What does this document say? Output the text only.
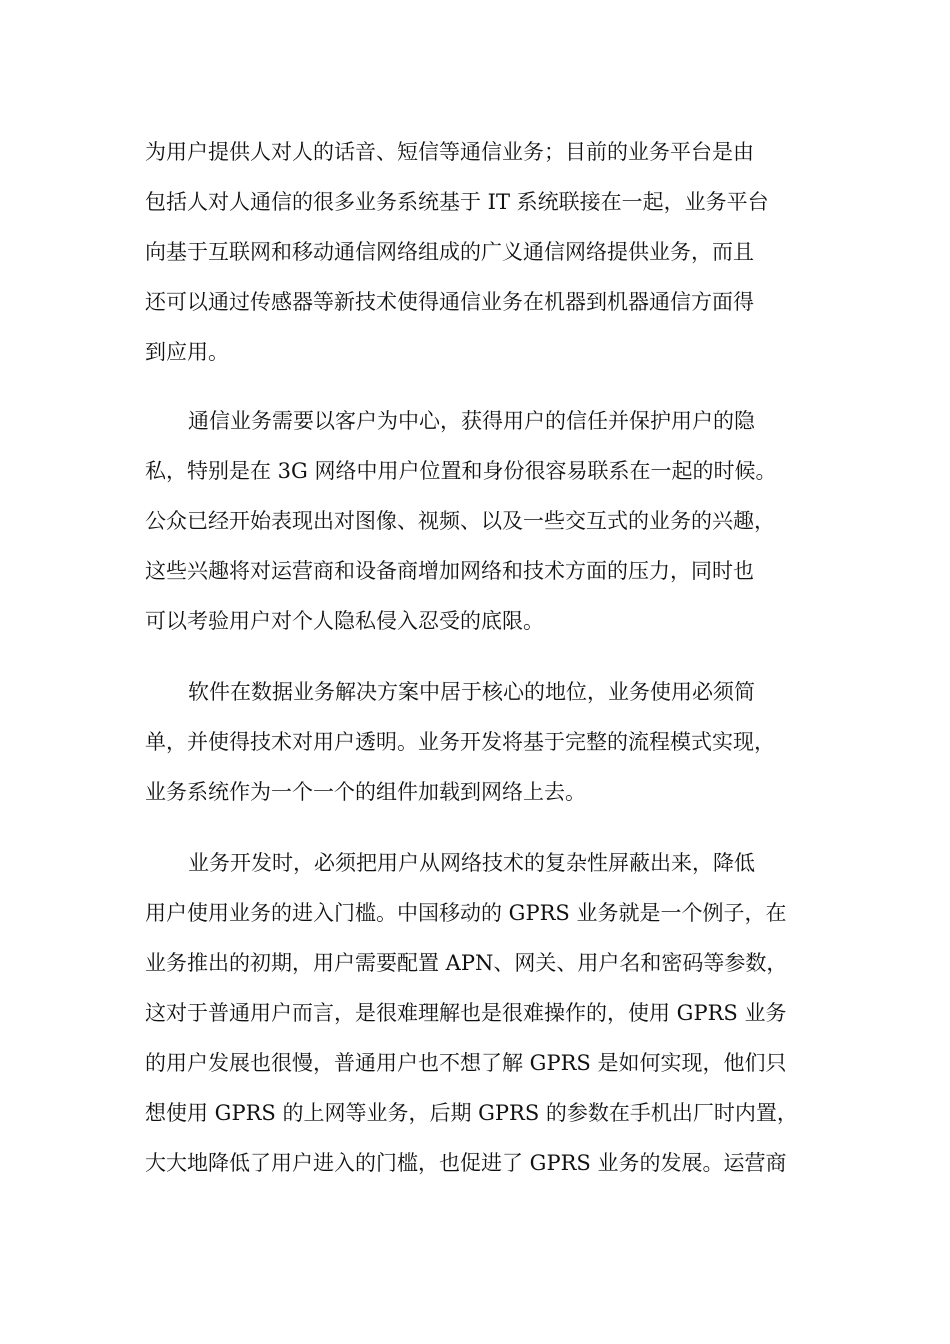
为用户提供人对人的话音、短信等通信业务；目前的业务平台是由
包括人对人通信的很多业务系统基于 IT 系统联接在一起，业务平台
向基于互联网和移动通信网络组成的广义通信网络提供业务，而且
还可以通过传感器等新技术使得通信业务在机器到机器通信方面得
到应用。
通信业务需要以客户为中心，获得用户的信任并保护用户的隐
私，特别是在 3G 网络中用户位置和身份很容易联系在一起的时候。
公众已经开始表现出对图像、视频、以及一些交互式的业务的兴趣，
这些兴趣将对运营商和设备商增加网络和技术方面的压力，同时也
可以考验用户对个人隐私侵入忍受的底限。
软件在数据业务解决方案中居于核心的地位，业务使用必须简
单，并使得技术对用户透明。业务开发将基于完整的流程模式实现，
业务系统作为一个一个的组件加载到网络上去。
业务开发时，必须把用户从网络技术的复杂性屏蔽出来，降低
用户使用业务的进入门槛。中国移动的 GPRS 业务就是一个例子，在
业务推出的初期，用户需要配置 APN、网关、用户名和密码等参数，
这对于普通用户而言，是很难理解也是很难操作的，使用 GPRS 业务
的用户发展也很慢，普通用户也不想了解 GPRS 是如何实现，他们只
想使用 GPRS 的上网等业务，后期 GPRS 的参数在手机出厂时内置，
大大地降低了用户进入的门槛，也促进了 GPRS 业务的发展。运营商
